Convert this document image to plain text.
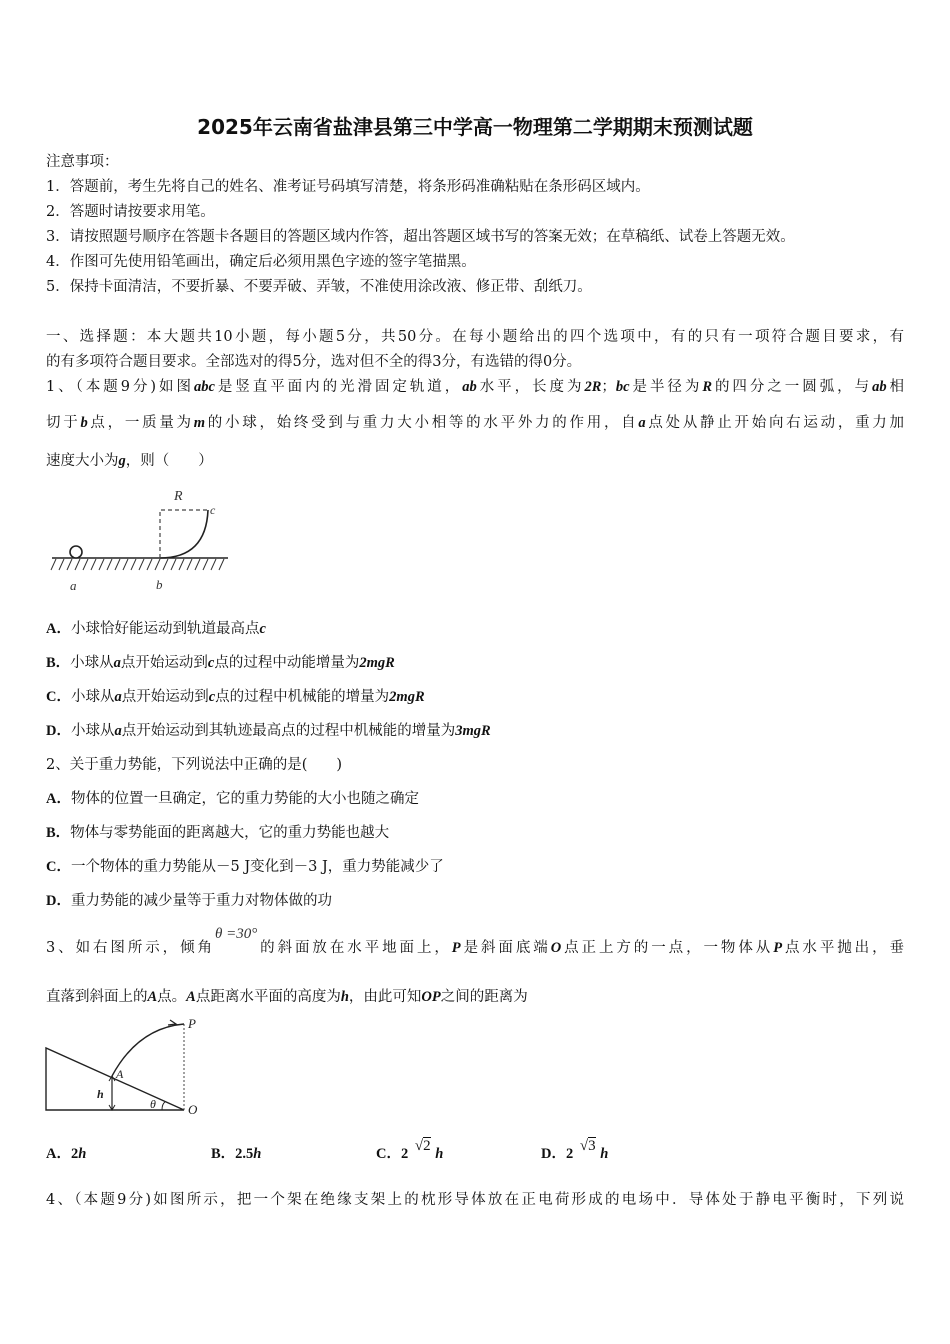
2025年云南省盐津县第三中学高一物理第二学期期末预测试题
注意事项：
1．答题前，考生先将自己的姓名、准考证号码填写清楚，将条形码准确粘贴在条形码区域内。
2．答题时请按要求用笔。
3．请按照题号顺序在答题卡各题目的答题区域内作答，超出答题区域书写的答案无效；在草稿纸、试卷上答题无效。
4．作图可先使用铅笔画出，确定后必须用黑色字迹的签字笔描黑。
5．保持卡面清洁，不要折暴、不要弄破、弄皱，不准使用涂改液、修正带、刮纸刀。
一、选择题：本大题共10小题，每小题5分，共50分。在每小题给出的四个选项中，有的只有一项符合题目要求，有
的有多项符合题目要求。全部选对的得5分，选对但不全的得3分，有选错的得0分。
1、（本题9分)如图abc是竖直平面内的光滑固定轨道，ab水平，长度为2R；bc是半径为R的四分之一圆弧，与ab相
切于b点，一质量为m的小球，始终受到与重力大小相等的水平外力的作用，自a点处从静止开始向右运动，重力加
速度大小为g，则（　　）
R
c
a	b
A．小球恰好能运动到轨道最高点c
B．小球从a点开始运动到c点的过程中动能增量为2mgR
C．小球从a点开始运动到c点的过程中机械能的增量为2mgR
D．小球从a点开始运动到其轨迹最高点的过程中机械能的增量为3mgR
2、关于重力势能，下列说法中正确的是(　　)
A．物体的位置一旦确定，它的重力势能的大小也随之确定
B．物体与零势能面的距离越大，它的重力势能也越大
C．一个物体的重力势能从－5 J变化到－3 J，重力势能减少了
D．重力势能的减少量等于重力对物体做的功
3、如右图所示，倾角θ =30°的斜面放在水平地面上，P是斜面底端O点正上方的一点，一物体从P点水平抛出，垂
直落到斜面上的A点。A点距离水平面的高度为h，由此可知OP之间的距离为
P
A
h
θ O
A．2h	B．2.5h	C．2 √2 h	D．2 √3 h
4、（本题9分)如图所示，把一个架在绝缘支架上的枕形导体放在正电荷形成的电场中．导体处于静电平衡时，下列说
